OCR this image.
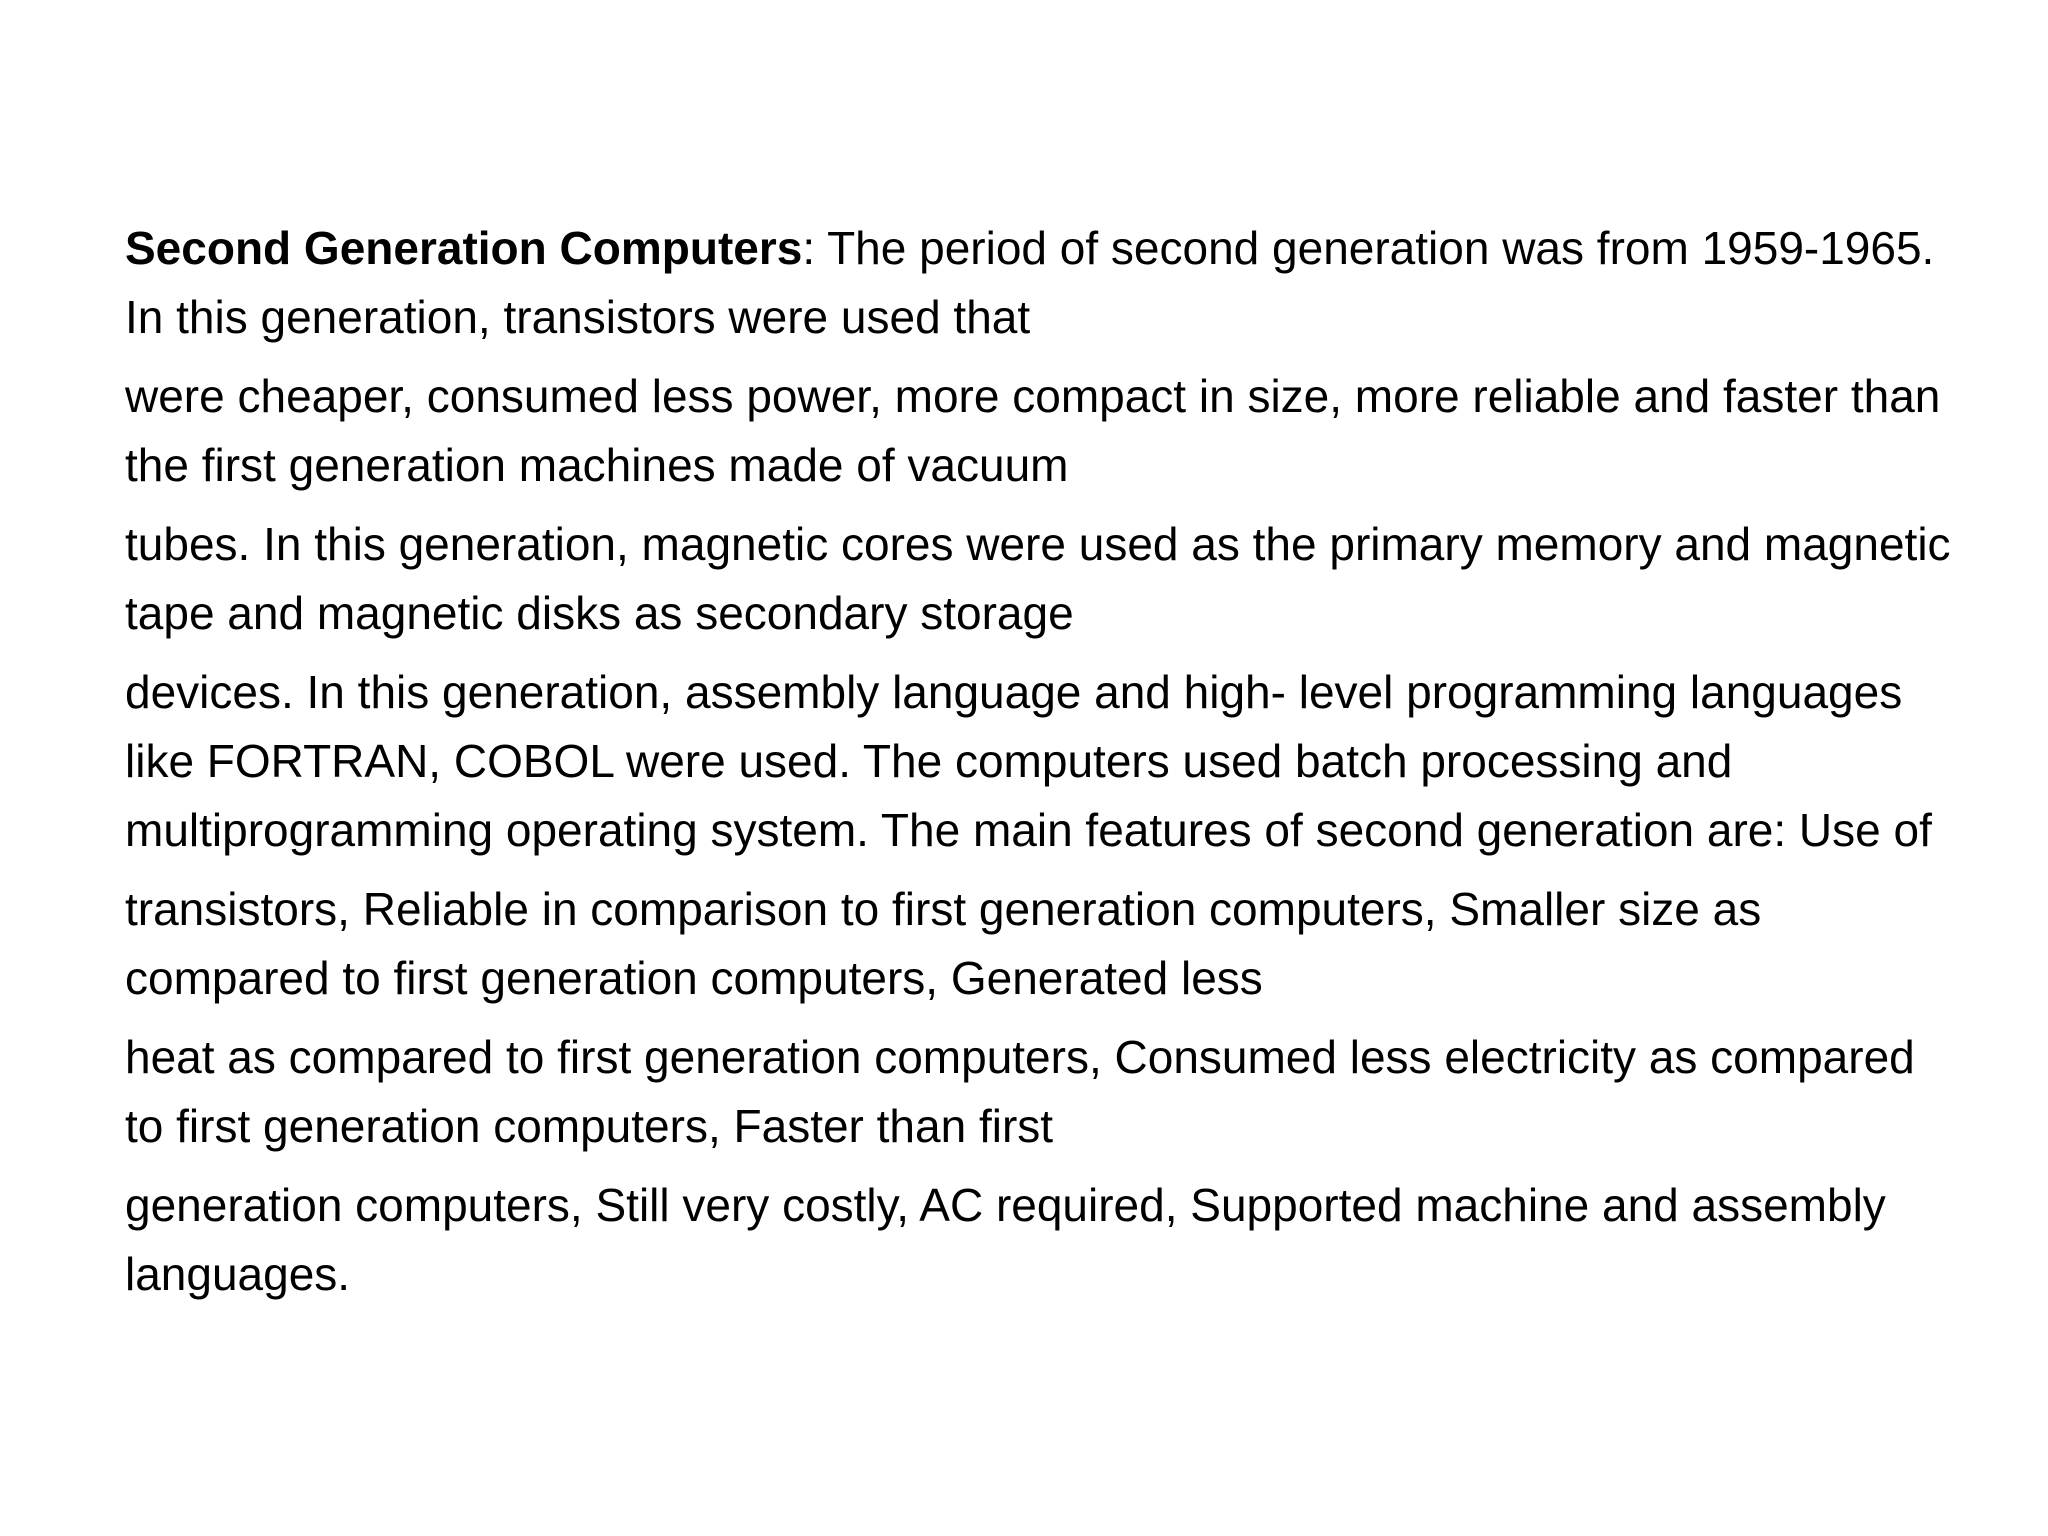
Second Generation Computers: The period of second generation was from 1959-1965. In this generation, transistors were used that

were cheaper, consumed less power, more compact in size, more reliable and faster than the first generation machines made of vacuum

tubes. In this generation, magnetic cores were used as the primary memory and magnetic tape and magnetic disks as secondary storage

devices. In this generation, assembly language and high- level programming languages like FORTRAN, COBOL were used. The computers used batch processing and multiprogramming operating system. The main features of second generation are: Use of

transistors, Reliable in comparison to first generation computers, Smaller size as compared to first generation computers, Generated less

heat as compared to first generation computers, Consumed less electricity as compared to first generation computers, Faster than first

generation computers, Still very costly, AC required, Supported machine and assembly languages.
